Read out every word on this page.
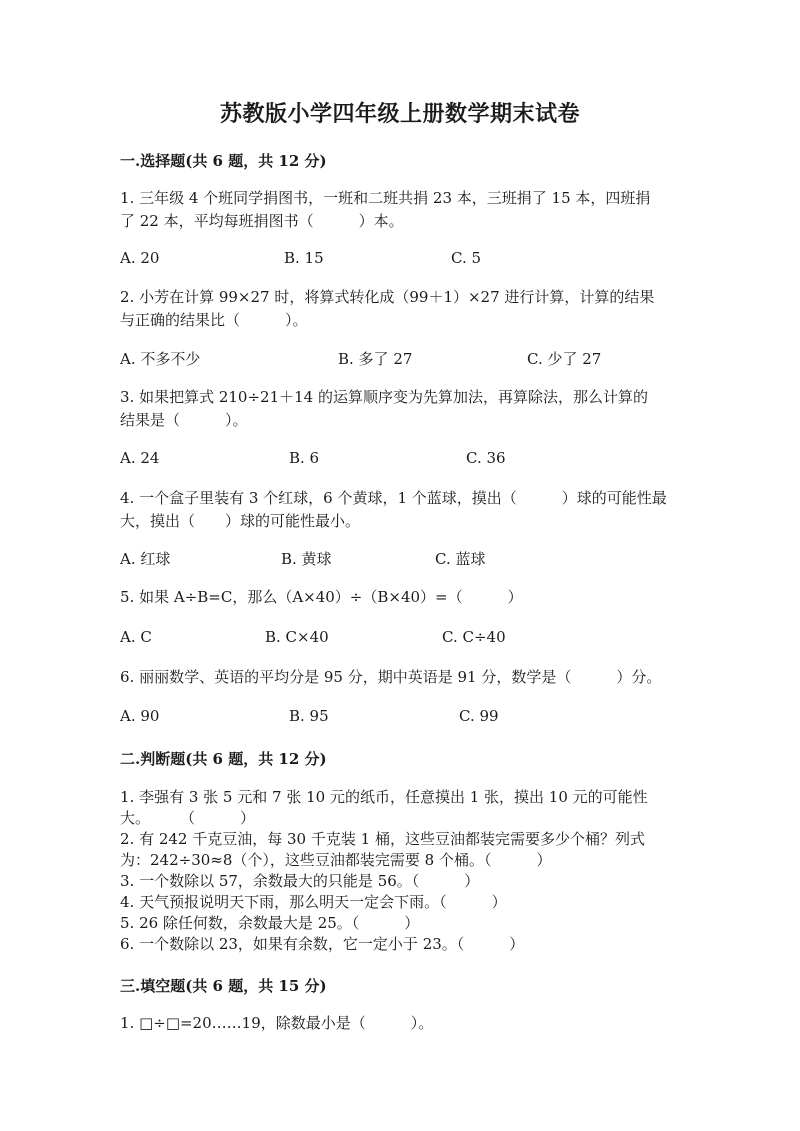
苏教版小学四年级上册数学期末试卷
一.选择题(共 6 题，共 12 分)
1. 三年级 4 个班同学捐图书，一班和二班共捐 23 本，三班捐了 15 本，四班捐
了 22 本，平均每班捐图书（　　　）本。
A. 20	B. 15	C. 5
2. 小芳在计算 99×27 时，将算式转化成（99＋1）×27 进行计算，计算的结果
与正确的结果比（　　　）。
A. 不多不少	B. 多了 27	C. 少了 27
3. 如果把算式 210÷21＋14 的运算顺序变为先算加法，再算除法，那么计算的
结果是（　　　）。
A. 24	B. 6	C. 36
4. 一个盒子里装有 3 个红球，6 个黄球，1 个蓝球，摸出（　　　）球的可能性最
大，摸出（　　）球的可能性最小。
A. 红球	B. 黄球	C. 蓝球
5. 如果 A÷B=C，那么（A×40）÷（B×40）=（　　　）
A. C	B. C×40	C. C÷40
6. 丽丽数学、英语的平均分是 95 分，期中英语是 91 分，数学是（　　　）分。
A. 90	B. 95	C. 99
二.判断题(共 6 题，共 12 分)
1. 李强有 3 张 5 元和 7 张 10 元的纸币，任意摸出 1 张，摸出 10 元的可能性
大。　　　（　　　）
2. 有 242 千克豆油，每 30 千克装 1 桶，这些豆油都装完需要多少个桶？列式
为：242÷30≈8（个），这些豆油都装完需要 8 个桶。（　　　）
3. 一个数除以 57，余数最大的只能是 56。（　　　）
4. 天气预报说明天下雨，那么明天一定会下雨。（　　　）
5. 26 除任何数，余数最大是 25。（　　　）
6. 一个数除以 23，如果有余数，它一定小于 23。（　　　）
三.填空题(共 6 题，共 15 分)
1. □÷□=20……19，除数最小是（　　　）。
